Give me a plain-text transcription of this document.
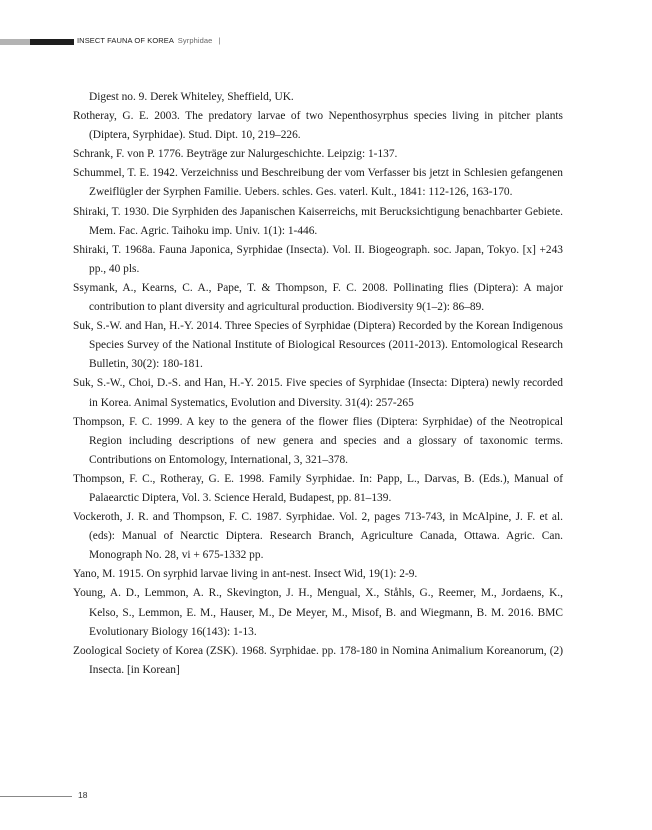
INSECT FAUNA OF KOREA Syrphidae |
Digest no. 9. Derek Whiteley, Sheffield, UK.
Rotheray, G. E. 2003. The predatory larvae of two Nepenthosyrphus species living in pitcher plants (Diptera, Syrphidae). Stud. Dipt. 10, 219–226.
Schrank, F. von P. 1776. Beyträge zur Nalurgeschichte. Leipzig: 1-137.
Schummel, T. E. 1942. Verzeichniss und Beschreibung der vom Verfasser bis jetzt in Schlesien gefangenen Zweiflügler der Syrphen Familie. Uebers. schles. Ges. vaterl. Kult., 1841: 112-126, 163-170.
Shiraki, T. 1930. Die Syrphiden des Japanischen Kaiserreichs, mit Berucksichtigung benachbarter Gebiete. Mem. Fac. Agric. Taihoku imp. Univ. 1(1): 1-446.
Shiraki, T. 1968a. Fauna Japonica, Syrphidae (Insecta). Vol. II. Biogeograph. soc. Japan, Tokyo. [x] +243 pp., 40 pls.
Ssymank, A., Kearns, C. A., Pape, T. & Thompson, F. C. 2008. Pollinating flies (Diptera): A major contribution to plant diversity and agricultural production. Biodiversity 9(1–2): 86–89.
Suk, S.-W. and Han, H.-Y. 2014. Three Species of Syrphidae (Diptera) Recorded by the Korean Indigenous Species Survey of the National Institute of Biological Resources (2011-2013). Entomological Research Bulletin, 30(2): 180-181.
Suk, S.-W., Choi, D.-S. and Han, H.-Y. 2015. Five species of Syrphidae (Insecta: Diptera) newly recorded in Korea. Animal Systematics, Evolution and Diversity. 31(4): 257-265
Thompson, F. C. 1999. A key to the genera of the flower flies (Diptera: Syrphidae) of the Neotropical Region including descriptions of new genera and species and a glossary of taxonomic terms. Contributions on Entomology, International, 3, 321–378.
Thompson, F. C., Rotheray, G. E. 1998. Family Syrphidae. In: Papp, L., Darvas, B. (Eds.), Manual of Palaearctic Diptera, Vol. 3. Science Herald, Budapest, pp. 81–139.
Vockeroth, J. R. and Thompson, F. C. 1987. Syrphidae. Vol. 2, pages 713-743, in McAlpine, J. F. et al. (eds): Manual of Nearctic Diptera. Research Branch, Agriculture Canada, Ottawa. Agric. Can. Monograph No. 28, vi + 675-1332 pp.
Yano, M. 1915. On syrphid larvae living in ant-nest. Insect Wid, 19(1): 2-9.
Young, A. D., Lemmon, A. R., Skevington, J. H., Mengual, X., Ståhls, G., Reemer, M., Jordaens, K., Kelso, S., Lemmon, E. M., Hauser, M., De Meyer, M., Misof, B. and Wiegmann, B. M. 2016. BMC Evolutionary Biology 16(143): 1-13.
Zoological Society of Korea (ZSK). 1968. Syrphidae. pp. 178-180 in Nomina Animalium Koreanorum, (2) Insecta. [in Korean]
18
